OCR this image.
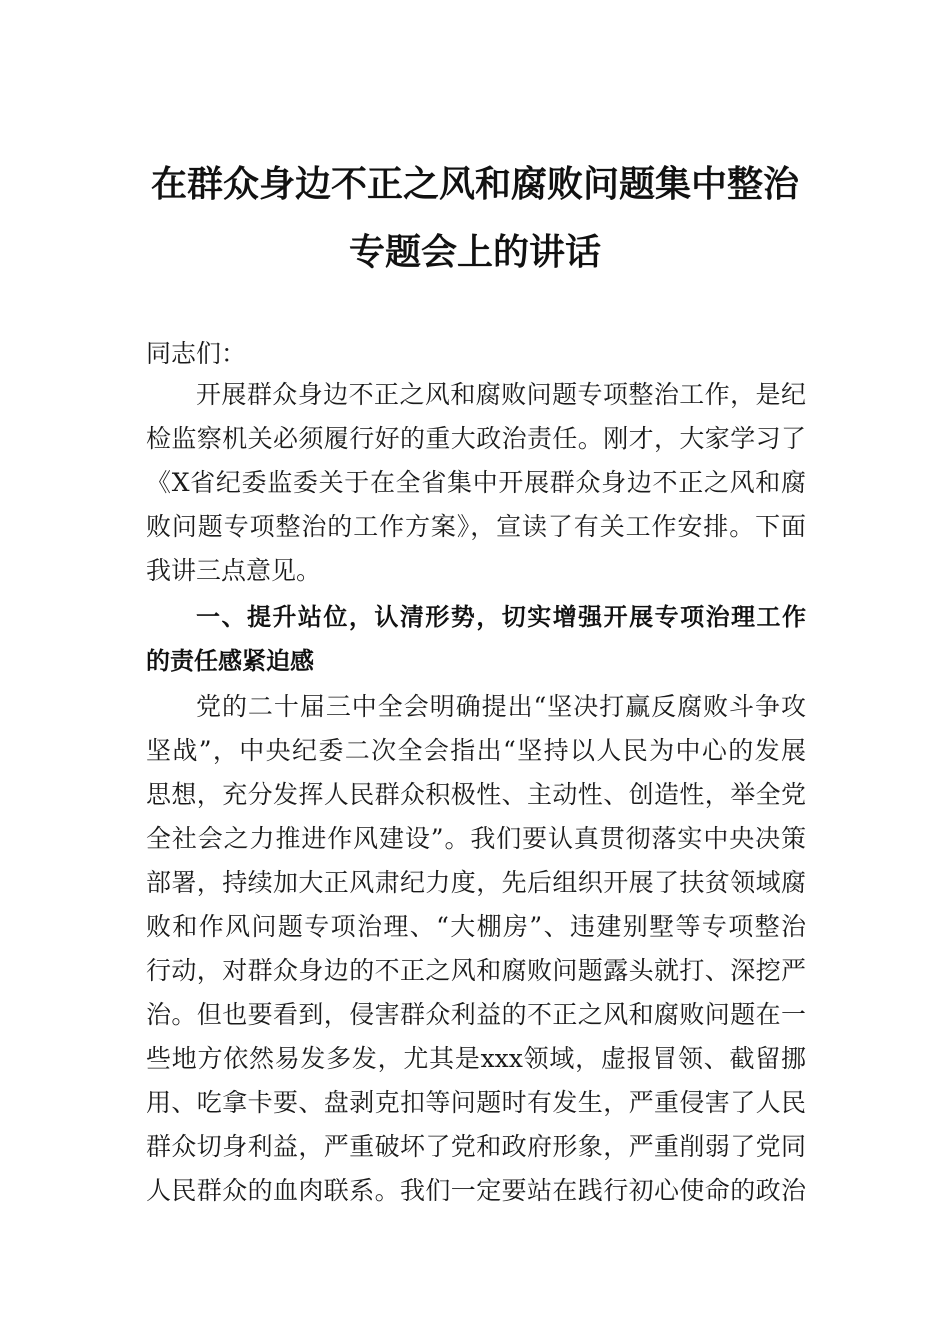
在群众身边不正之风和腐败问题集中整治
专题会上的讲话
同志们：
开展群众身边不正之风和腐败问题专项整治工作，是纪
检监察机关必须履行好的重大政治责任。刚才，大家学习了
《X省纪委监委关于在全省集中开展群众身边不正之风和腐
败问题专项整治的工作方案》，宣读了有关工作安排。下面
我讲三点意见。
一、提升站位，认清形势，切实增强开展专项治理工作
的责任感紧迫感
党的二十届三中全会明确提出“坚决打赢反腐败斗争攻
坚战”，中央纪委二次全会指出“坚持以人民为中心的发展
思想，充分发挥人民群众积极性、主动性、创造性，举全党
全社会之力推进作风建设”。我们要认真贯彻落实中央决策
部署，持续加大正风肃纪力度，先后组织开展了扶贫领域腐
败和作风问题专项治理、“大棚房”、违建别墅等专项整治
行动，对群众身边的不正之风和腐败问题露头就打、深挖严
治。但也要看到，侵害群众利益的不正之风和腐败问题在一
些地方依然易发多发，尤其是xxx领域，虚报冒领、截留挪
用、吃拿卡要、盘剥克扣等问题时有发生，严重侵害了人民
群众切身利益，严重破坏了党和政府形象，严重削弱了党同
人民群众的血肉联系。我们一定要站在践行初心使命的政治
